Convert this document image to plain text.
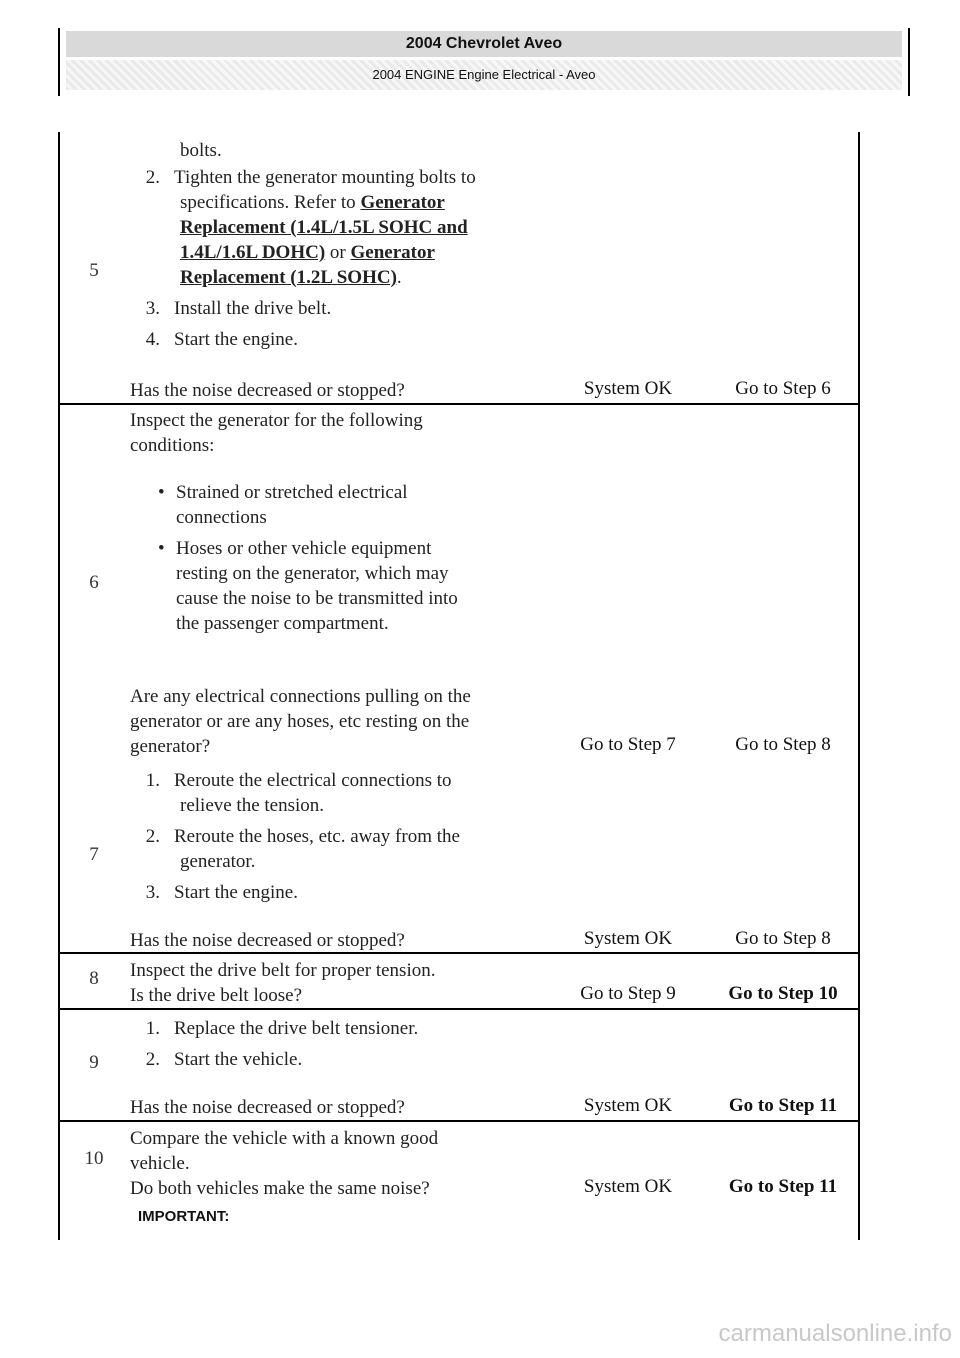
2004 Chevrolet Aveo
2004 ENGINE Engine Electrical - Aveo
5
bolts.
2. Tighten the generator mounting bolts to
specifications. Refer to Generator
Replacement (1.4L/1.5L SOHC and
1.4L/1.6L DOHC) or Generator
Replacement (1.2L SOHC).
3. Install the drive belt.
4. Start the engine.
Has the noise decreased or stopped?	System OK	Go to Step 6
6
Inspect the generator for the following
conditions:
• Strained or stretched electrical
connections
• Hoses or other vehicle equipment
resting on the generator, which may
cause the noise to be transmitted into
the passenger compartment.
Are any electrical connections pulling on the
generator or are any hoses, etc resting on the
generator?	Go to Step 7	Go to Step 8
7
1. Reroute the electrical connections to
relieve the tension.
2. Reroute the hoses, etc. away from the
generator.
3. Start the engine.
Has the noise decreased or stopped?	System OK	Go to Step 8
8	Inspect the drive belt for proper tension.
Is the drive belt loose?	Go to Step 9	Go to Step 10
9
1. Replace the drive belt tensioner.
2. Start the vehicle.
Has the noise decreased or stopped?	System OK	Go to Step 11
10
Compare the vehicle with a known good
vehicle.
Do both vehicles make the same noise?	System OK	Go to Step 11
IMPORTANT:
carmanualsonline.info
